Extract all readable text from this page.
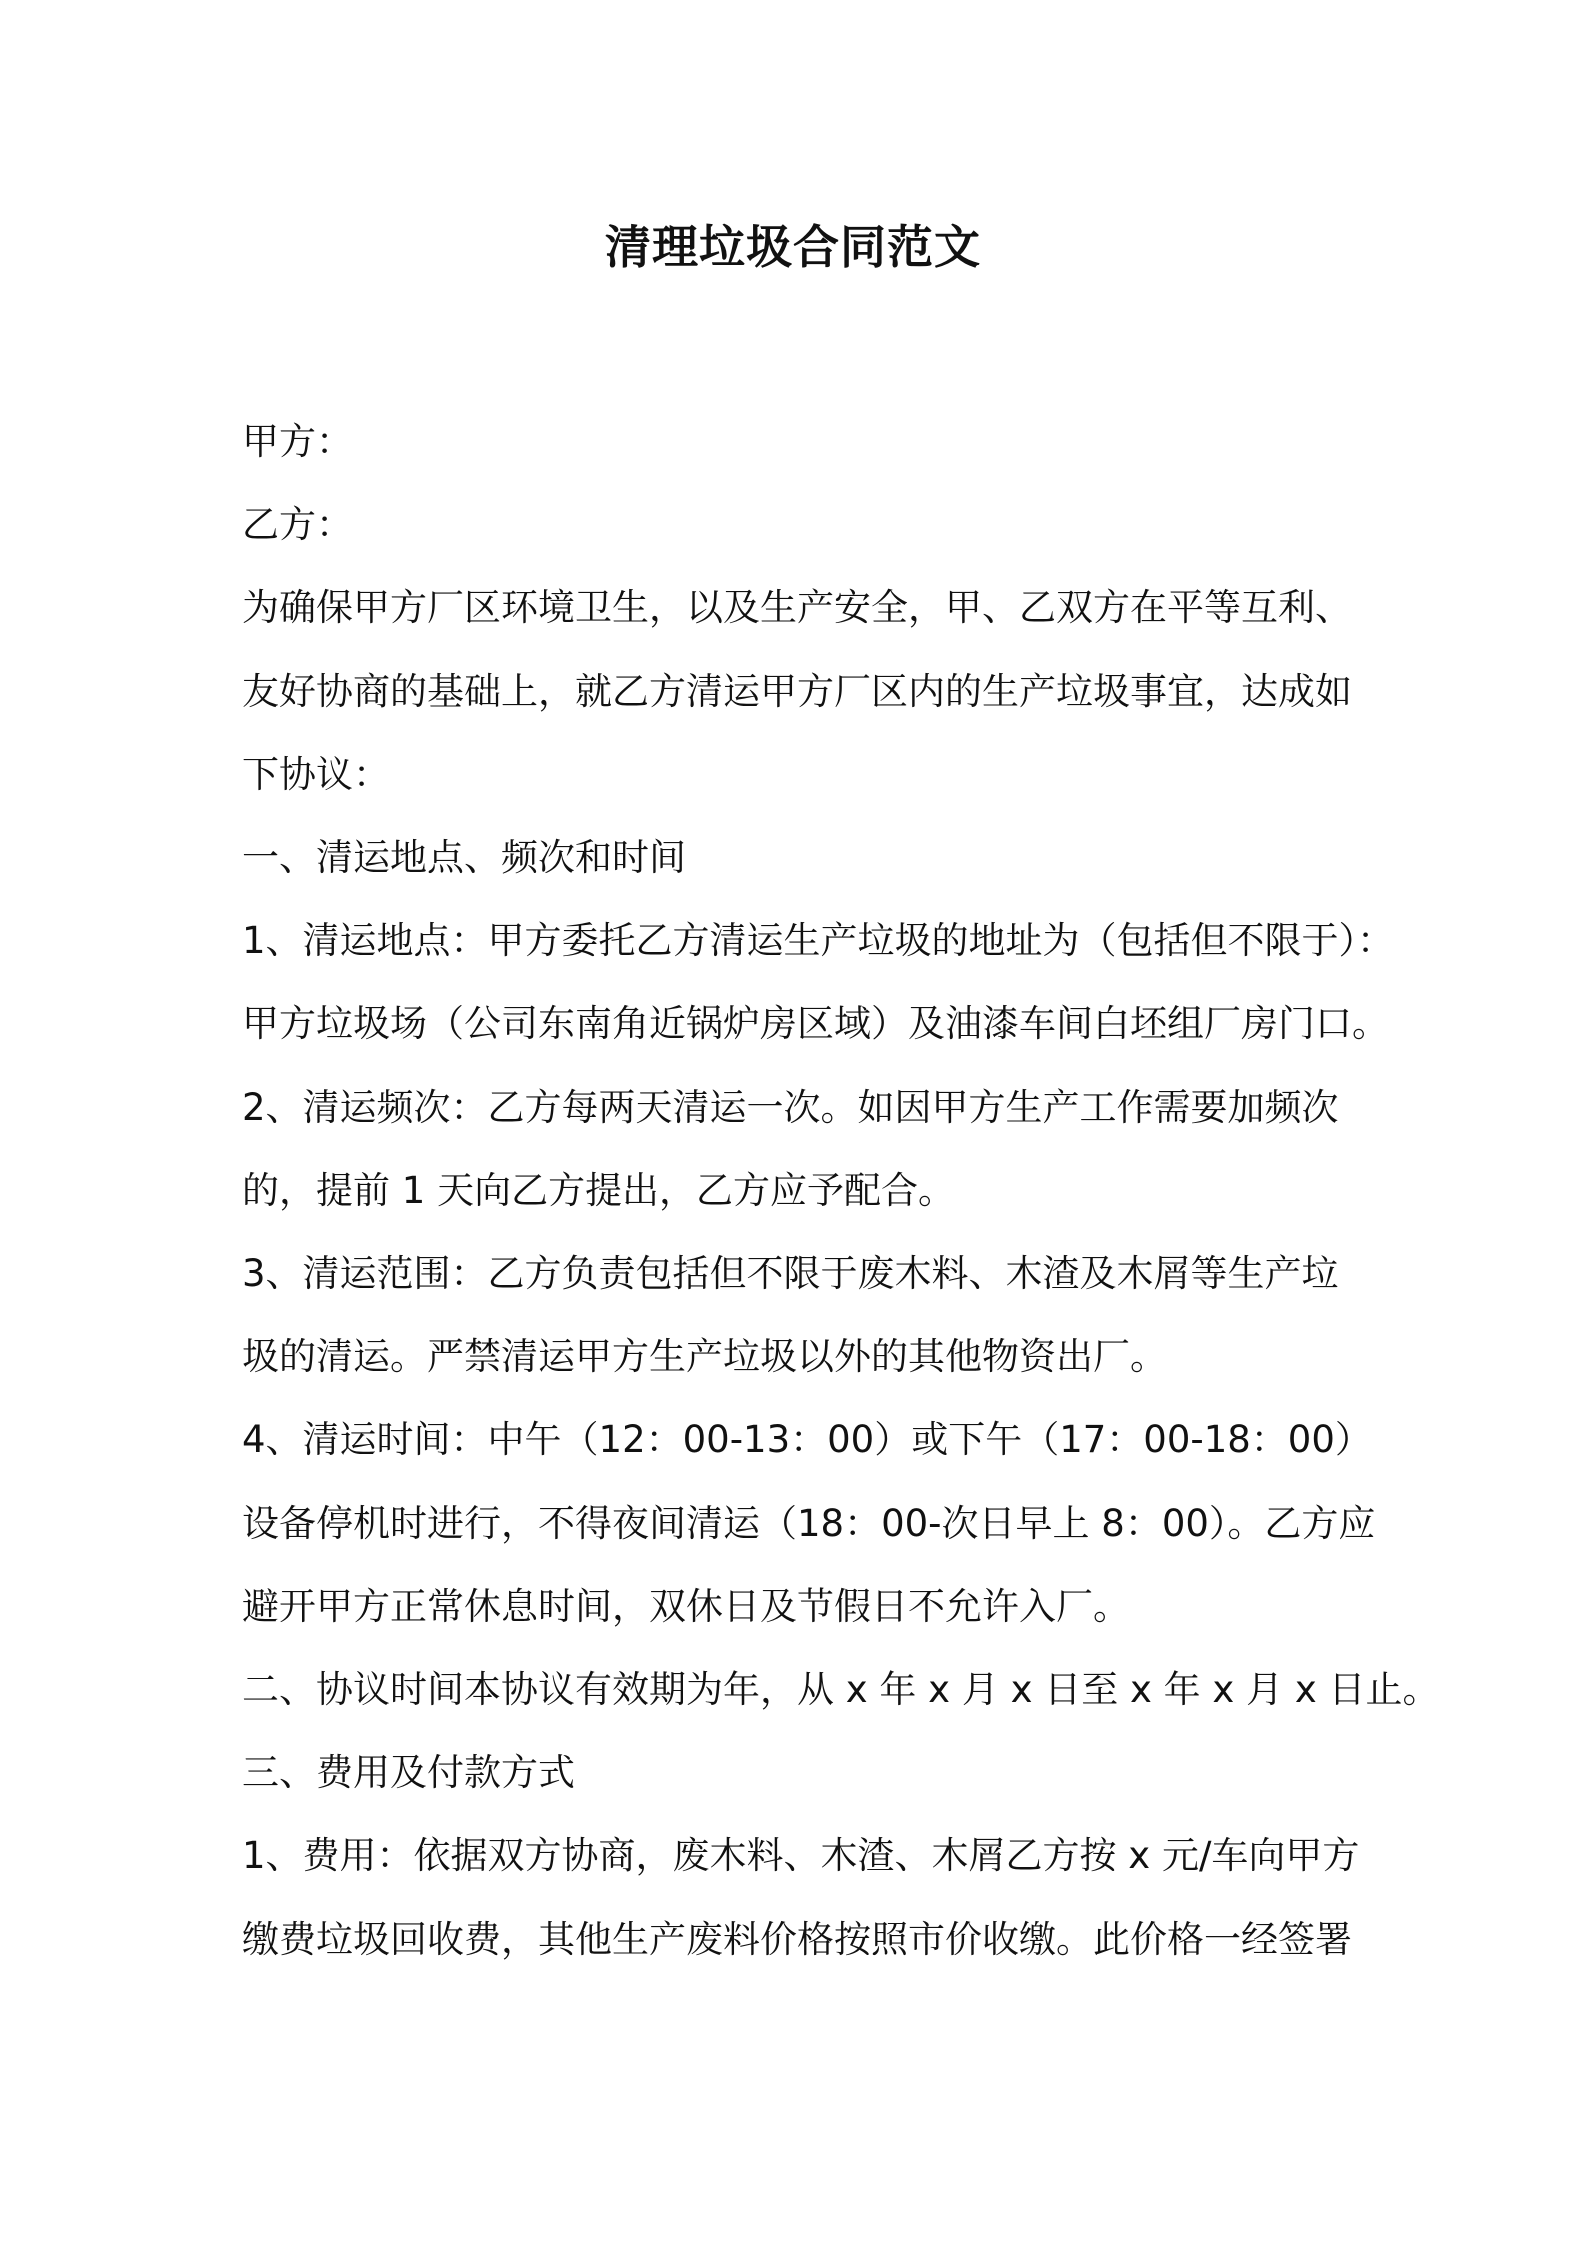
清理垃圾合同范文
甲方：
乙方：
为确保甲方厂区环境卫生，以及生产安全，甲、乙双方在平等互利、
友好协商的基础上，就乙方清运甲方厂区内的生产垃圾事宜，达成如
下协议：
一、清运地点、频次和时间
1、清运地点：甲方委托乙方清运生产垃圾的地址为（包括但不限于）：
甲方垃圾场（公司东南角近锅炉房区域）及油漆车间白坯组厂房门口。
2、清运频次：乙方每两天清运一次。如因甲方生产工作需要加频次
的，提前 1 天向乙方提出，乙方应予配合。
3、清运范围：乙方负责包括但不限于废木料、木渣及木屑等生产垃
圾的清运。严禁清运甲方生产垃圾以外的其他物资出厂。
4、清运时间：中午（12：00-13：00）或下午（17：00-18：00）
设备停机时进行，不得夜间清运（18：00-次日早上 8：00）。乙方应
避开甲方正常休息时间，双休日及节假日不允许入厂。
二、协议时间本协议有效期为年，从 x 年 x 月 x 日至 x 年 x 月 x 日止。
三、费用及付款方式
1、费用：依据双方协商，废木料、木渣、木屑乙方按 x 元/车向甲方
缴费垃圾回收费，其他生产废料价格按照市价收缴。此价格一经签署
